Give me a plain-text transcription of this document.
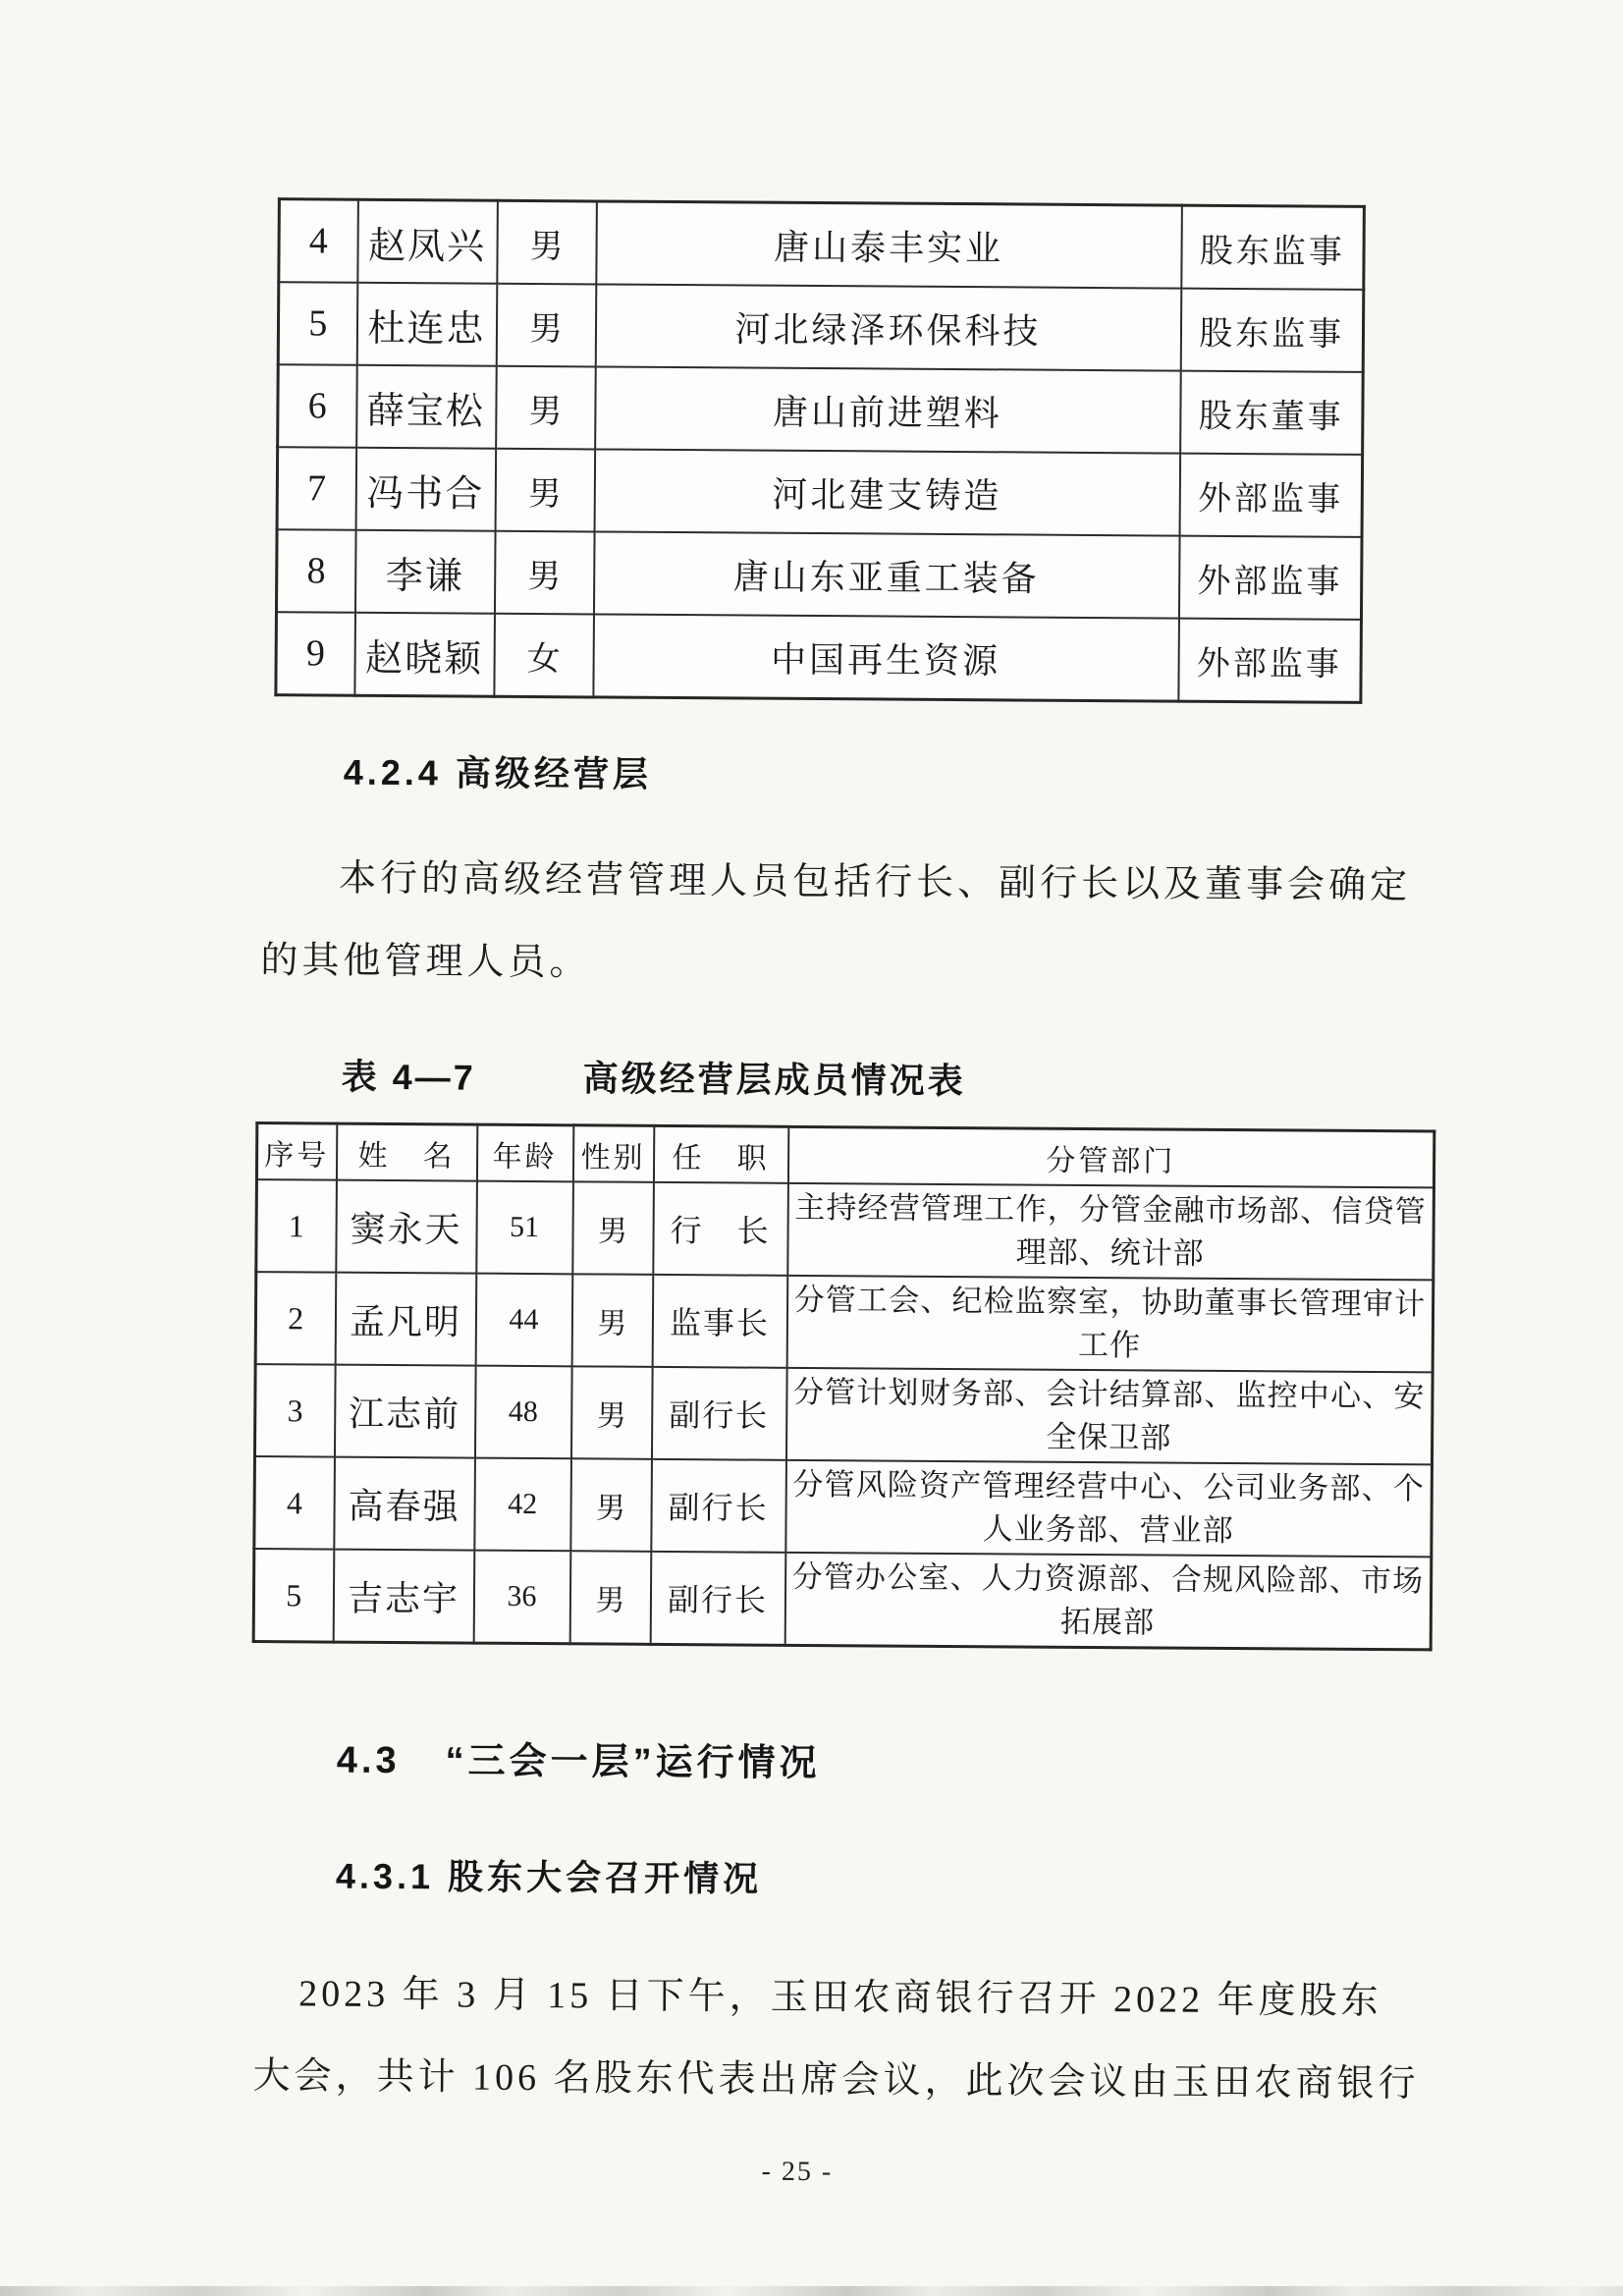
4	赵凤兴	男	唐山泰丰实业	股东监事
5	杜连忠	男	河北绿泽环保科技	股东监事
6	薛宝松	男	唐山前进塑料	股东董事
7	冯书合	男	河北建支铸造	外部监事
8	李谦	男	唐山东亚重工装备	外部监事
9	赵晓颖	女	中国再生资源	外部监事
4.2.4 高级经营层
本行的高级经营管理人员包括行长、副行长以及董事会确定
的其他管理人员。
表 4—7	高级经营层成员情况表
序号	姓　名	年龄	性别	任　职	分管部门
1	窦永天	51	男	行　长	主持经营管理工作，分管金融市场部、信贷管理部、统计部
2	孟凡明	44	男	监事长	分管工会、纪检监察室，协助董事长管理审计工作
3	江志前	48	男	副行长	分管计划财务部、会计结算部、监控中心、安全保卫部
4	高春强	42	男	副行长	分管风险资产管理经营中心、公司业务部、个人业务部、营业部
5	吉志宇	36	男	副行长	分管办公室、人力资源部、合规风险部、市场拓展部
4.3 “三会一层”运行情况
4.3.1 股东大会召开情况
2023 年 3 月 15 日下午，玉田农商银行召开 2022 年度股东
大会，共计 106 名股东代表出席会议，此次会议由玉田农商银行
- 25 -
